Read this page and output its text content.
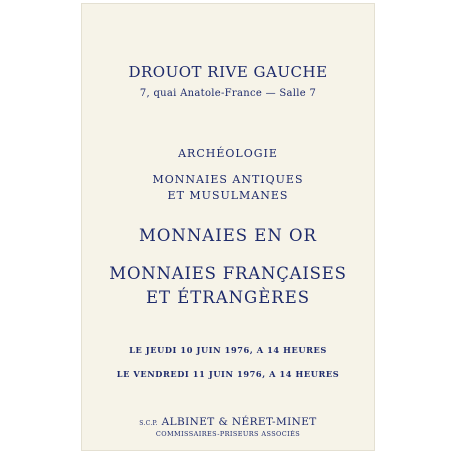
DROUOT RIVE GAUCHE
7, quai Anatole-France — Salle 7
ARCHÉOLOGIE
MONNAIES ANTIQUES
ET MUSULMANES
MONNAIES EN OR
MONNAIES FRANÇAISES
ET ÉTRANGÈRES
LE JEUDI 10 JUIN 1976, A 14 HEURES
LE VENDREDI 11 JUIN 1976, A 14 HEURES
S.C.P. ALBINET & NÉRET-MINET
COMMISSAIRES-PRISEURS ASSOCIÉS
